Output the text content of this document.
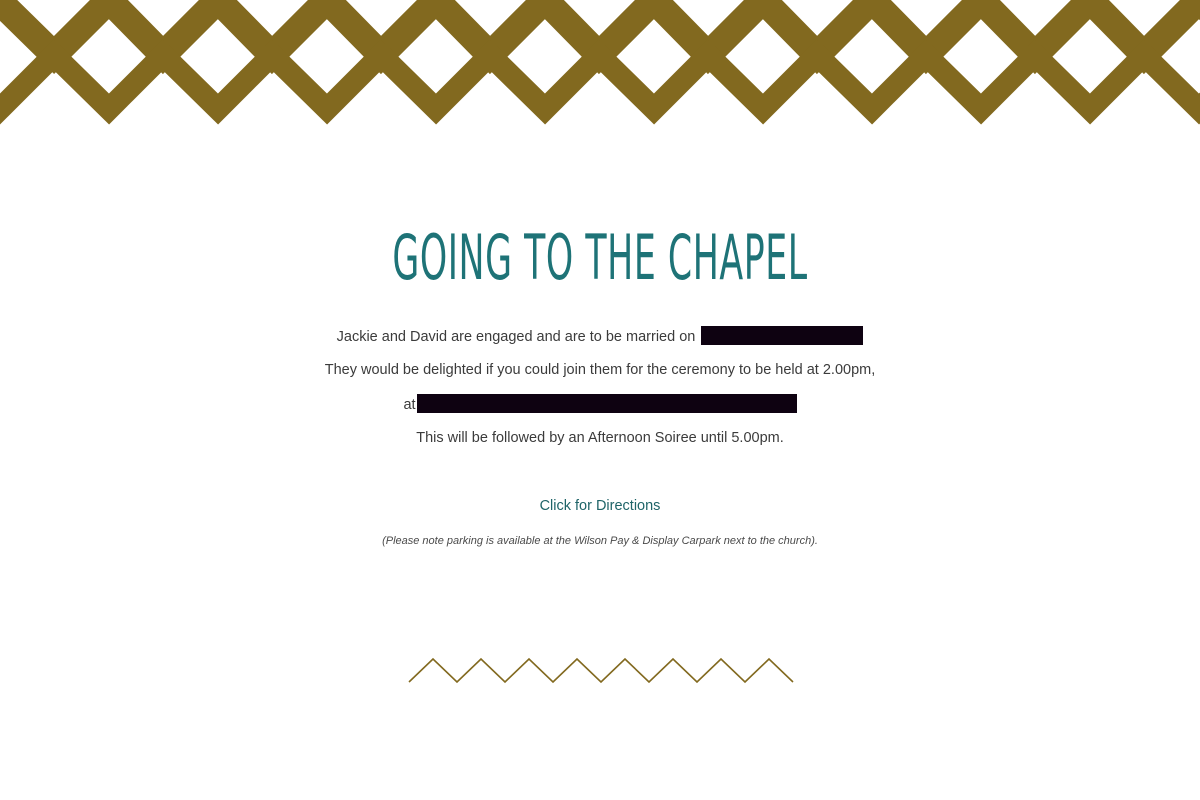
GOING TO THE CHAPEL
Jackie and David are engaged and are to be married on
They would be delighted if you could join them for the ceremony to be held at 2.00pm,
at
This will be followed by an Afternoon Soiree until 5.00pm.
Click for Directions
(Please note parking is available at the Wilson Pay & Display Carpark next to the church).
